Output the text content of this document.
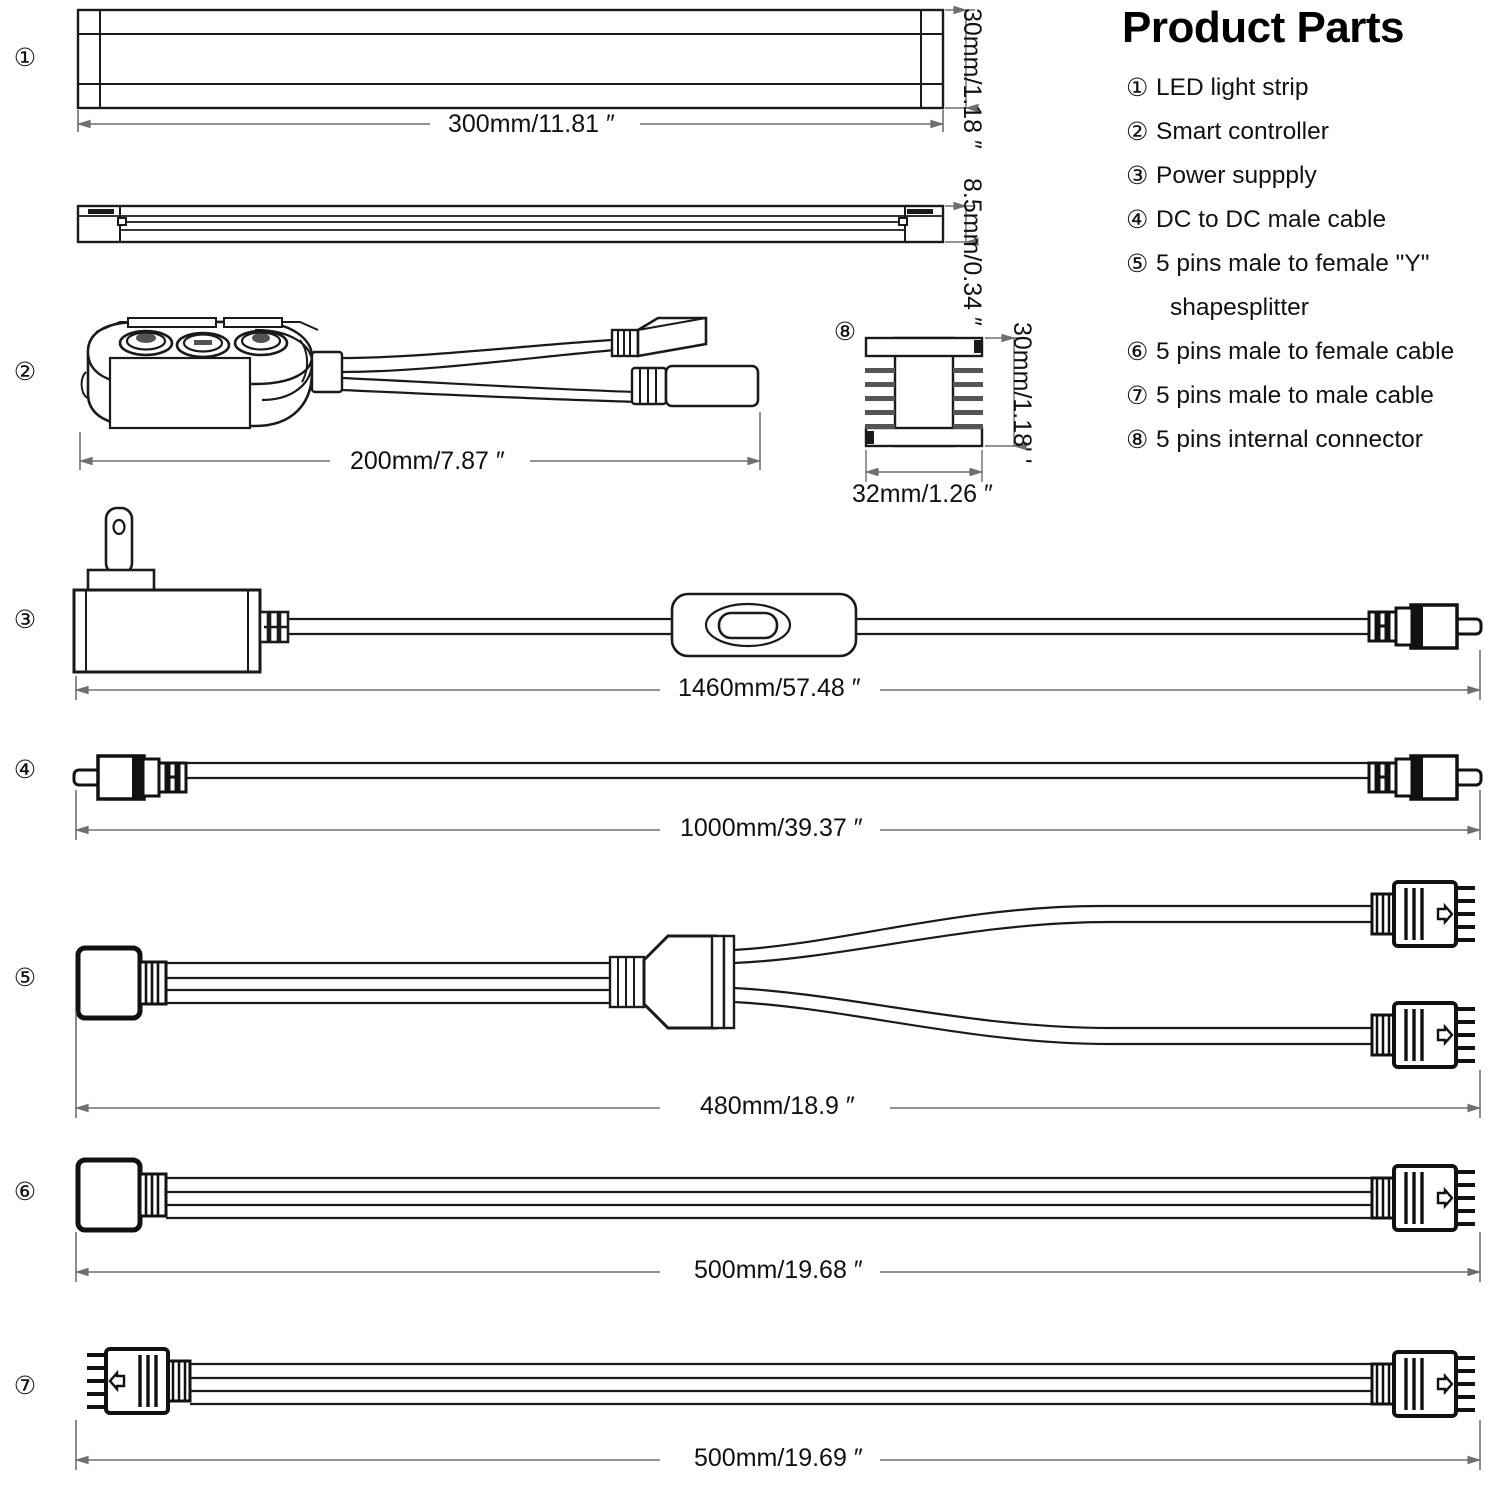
①
②
③
④
⑤
⑥
⑦
⑧
300mm/11.81 ″	30mm/1.18 ″
8.5mm/0.34 ″
200mm/7.87 ″
32mm/1.26 ″
30mm/1.18' '
1460mm/57.48 ″
1000mm/39.37 ″
480mm/18.9 ″
500mm/19.68 ″
500mm/19.69 ″
Product Parts
① LED light strip
② Smart controller
③ Power suppply
④ DC to DC male cable
⑤ 5 pins male to female "Y"
shapesplitter
⑥ 5 pins male to female cable
⑦ 5 pins male to male cable
⑧ 5 pins internal connector
